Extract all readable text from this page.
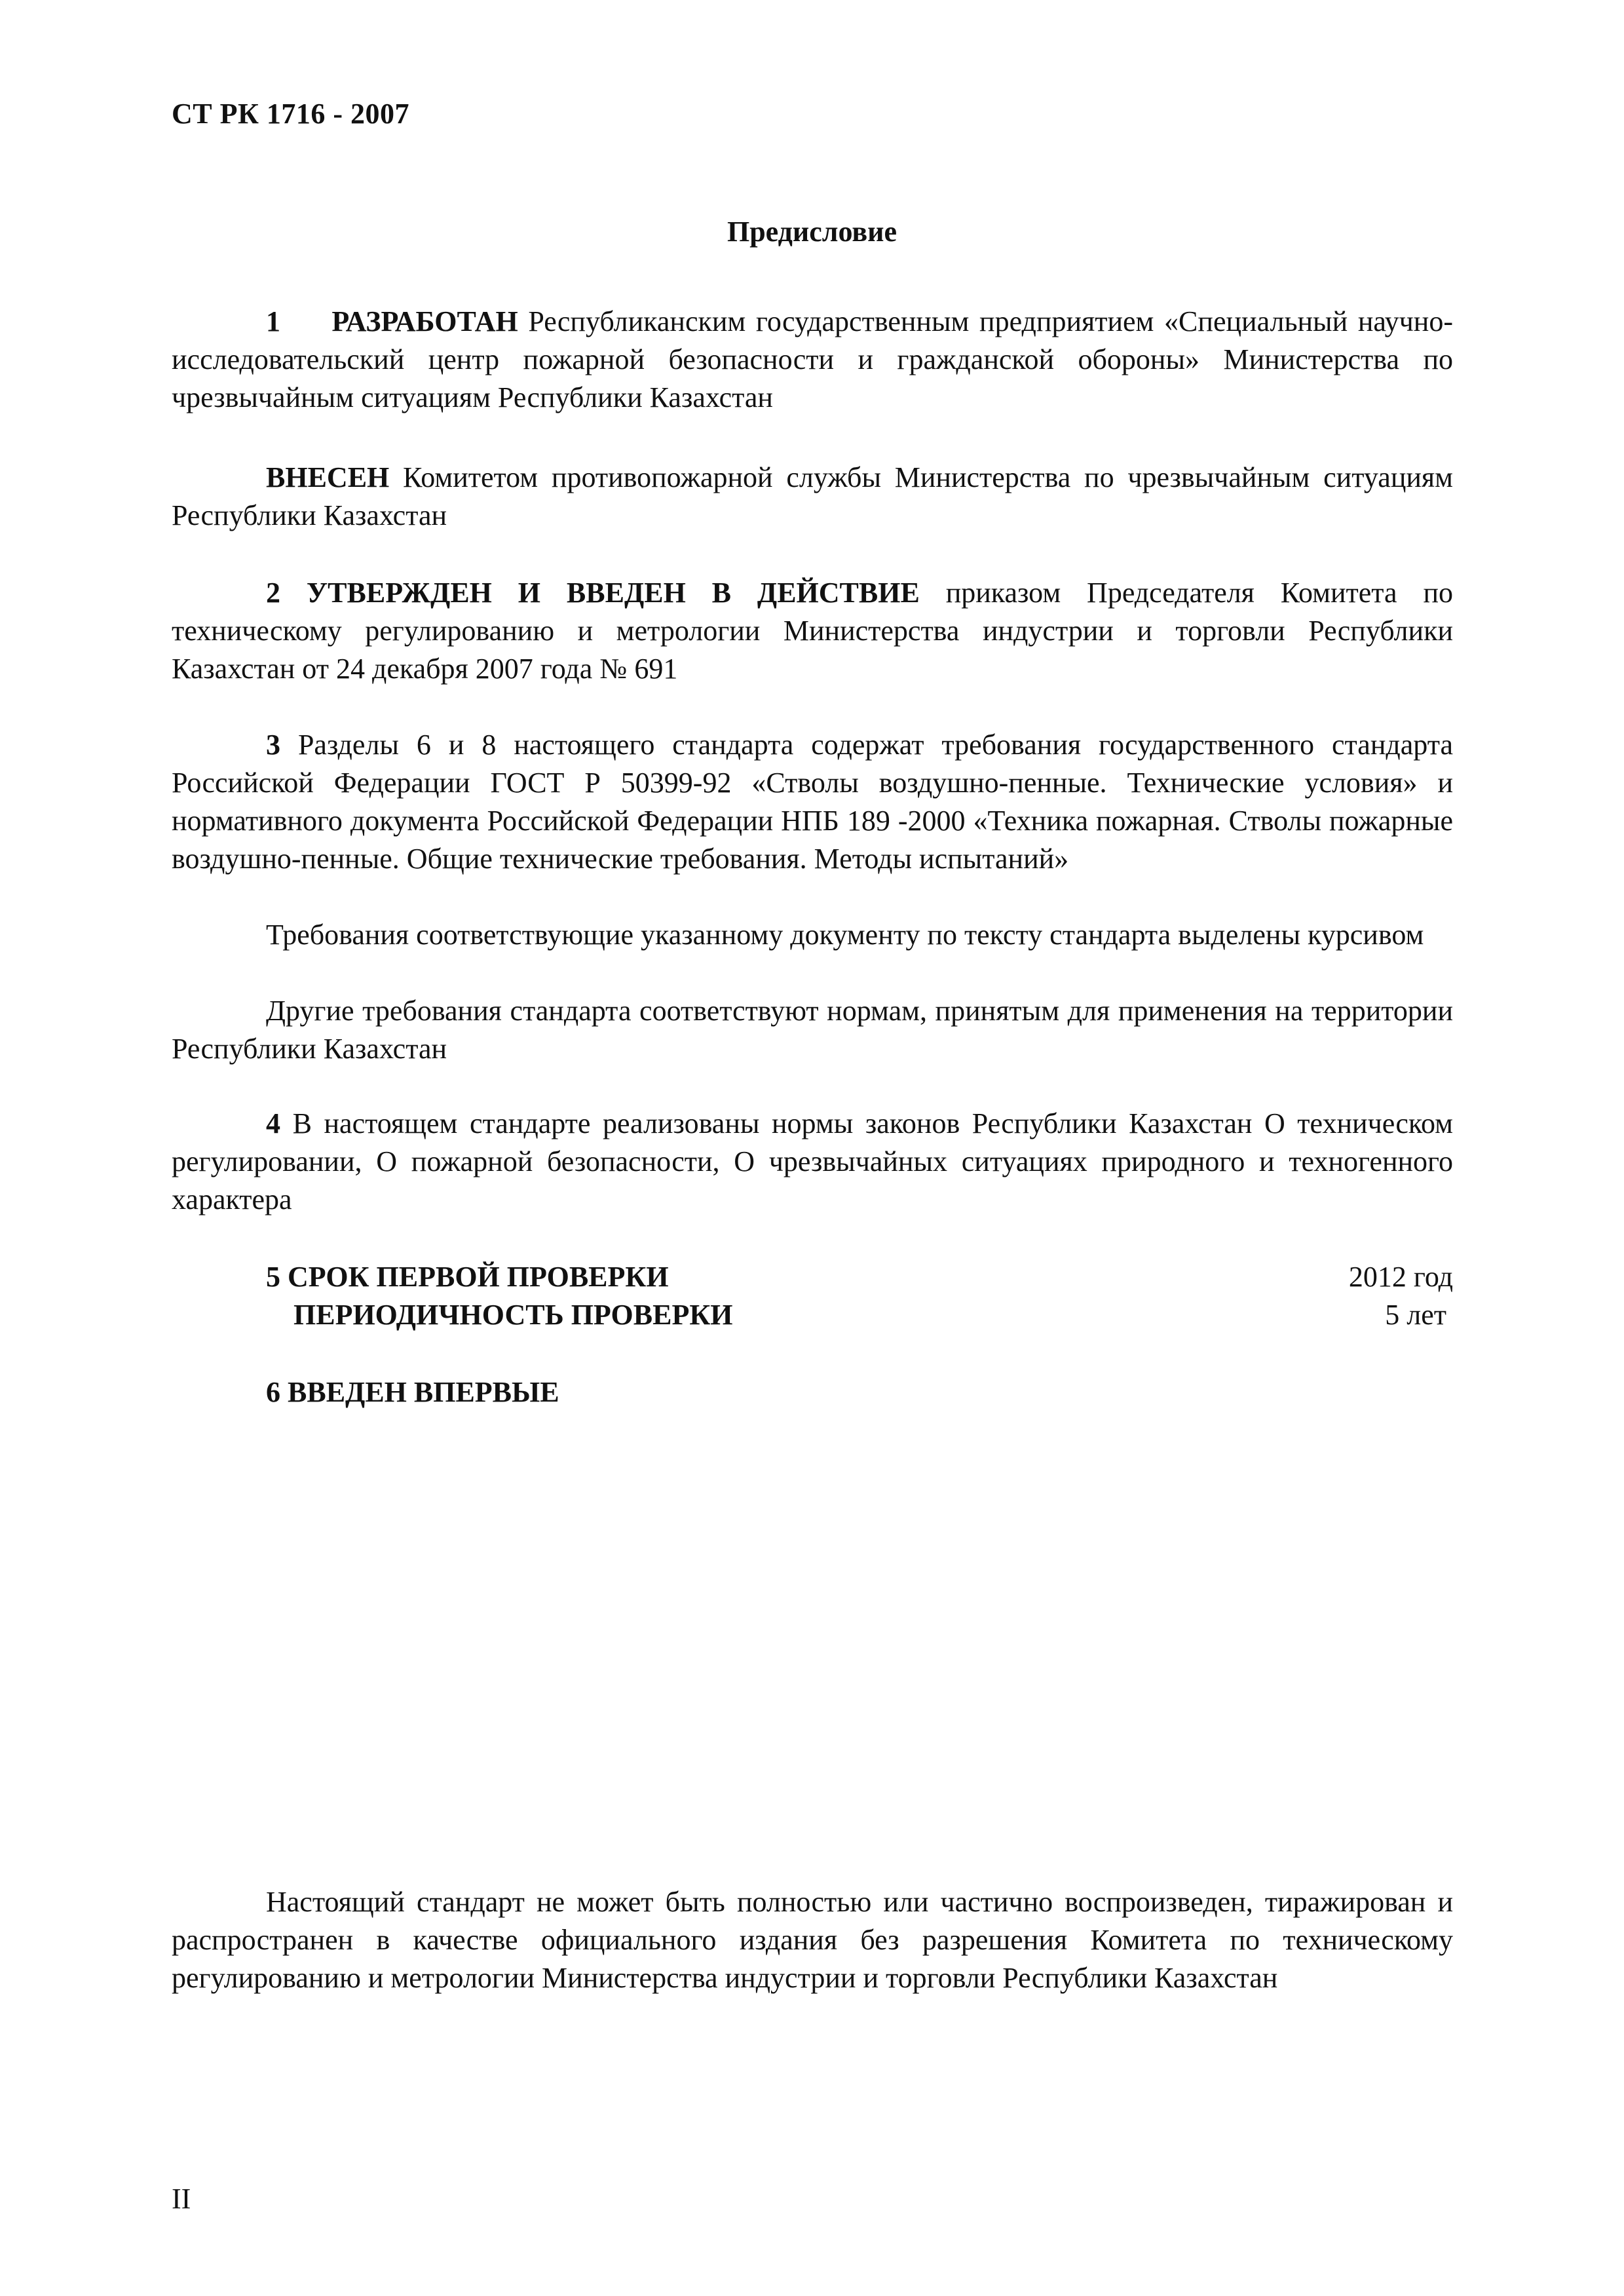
СТ РК 1716 - 2007
Предисловие
1 РАЗРАБОТАН Республиканским государственным предприятием «Специальный научно-исследовательский центр пожарной безопасности и гражданской обороны» Министерства по чрезвычайным ситуациям Республики Казахстан
ВНЕСЕН Комитетом противопожарной службы Министерства по чрезвычайным ситуациям Республики Казахстан
2 УТВЕРЖДЕН И ВВЕДЕН В ДЕЙСТВИЕ приказом Председателя Комитета по техническому регулированию и метрологии Министерства индустрии и торговли Республики Казахстан от 24 декабря 2007 года № 691
3 Разделы 6 и 8 настоящего стандарта содержат требования государственного стандарта Российской Федерации ГОСТ Р 50399-92 «Стволы воздушно-пенные. Технические условия» и нормативного документа Российской Федерации НПБ 189 -2000 «Техника пожарная. Стволы пожарные воздушно-пенные. Общие технические требования. Методы испытаний»
Требования соответствующие указанному документу по тексту стандарта выделены курсивом
Другие требования стандарта соответствуют нормам, принятым для применения на территории Республики Казахстан
4 В настоящем стандарте реализованы нормы законов Республики Казахстан О техническом регулировании, О пожарной безопасности, О чрезвычайных ситуациях природного и техногенного характера
5 СРОК ПЕРВОЙ ПРОВЕРКИ	2012 год
ПЕРИОДИЧНОСТЬ ПРОВЕРКИ	5 лет
6 ВВЕДЕН ВПЕРВЫЕ
Настоящий стандарт не может быть полностью или частично воспроизведен, тиражирован и распространен в качестве официального издания без разрешения Комитета по техническому регулированию и метрологии Министерства индустрии и торговли Республики Казахстан
II
